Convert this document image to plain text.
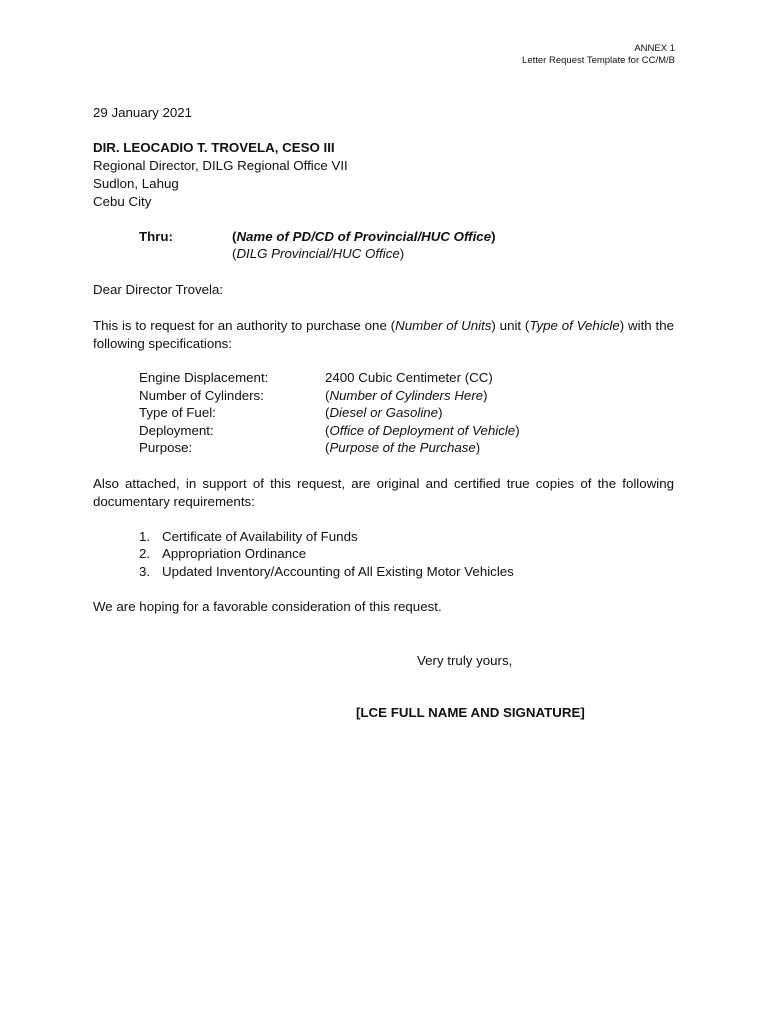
ANNEX 1
Letter Request Template for CC/M/B
29 January 2021
DIR. LEOCADIO T. TROVELA, CESO III
Regional Director, DILG Regional Office VII
Sudlon, Lahug
Cebu City
Thru:	(Name of PD/CD of Provincial/HUC Office)
(DILG Provincial/HUC Office)
Dear Director Trovela:
This is to request for an authority to purchase one (Number of Units) unit (Type of Vehicle) with the following specifications:
Engine Displacement:	2400 Cubic Centimeter (CC)
Number of Cylinders:	(Number of Cylinders Here)
Type of Fuel:	(Diesel or Gasoline)
Deployment:	(Office of Deployment of Vehicle)
Purpose:	(Purpose of the Purchase)
Also attached, in support of this request, are original and certified true copies of the following documentary requirements:
1. Certificate of Availability of Funds
2. Appropriation Ordinance
3. Updated Inventory/Accounting of All Existing Motor Vehicles
We are hoping for a favorable consideration of this request.
Very truly yours,
[LCE FULL NAME AND SIGNATURE]
